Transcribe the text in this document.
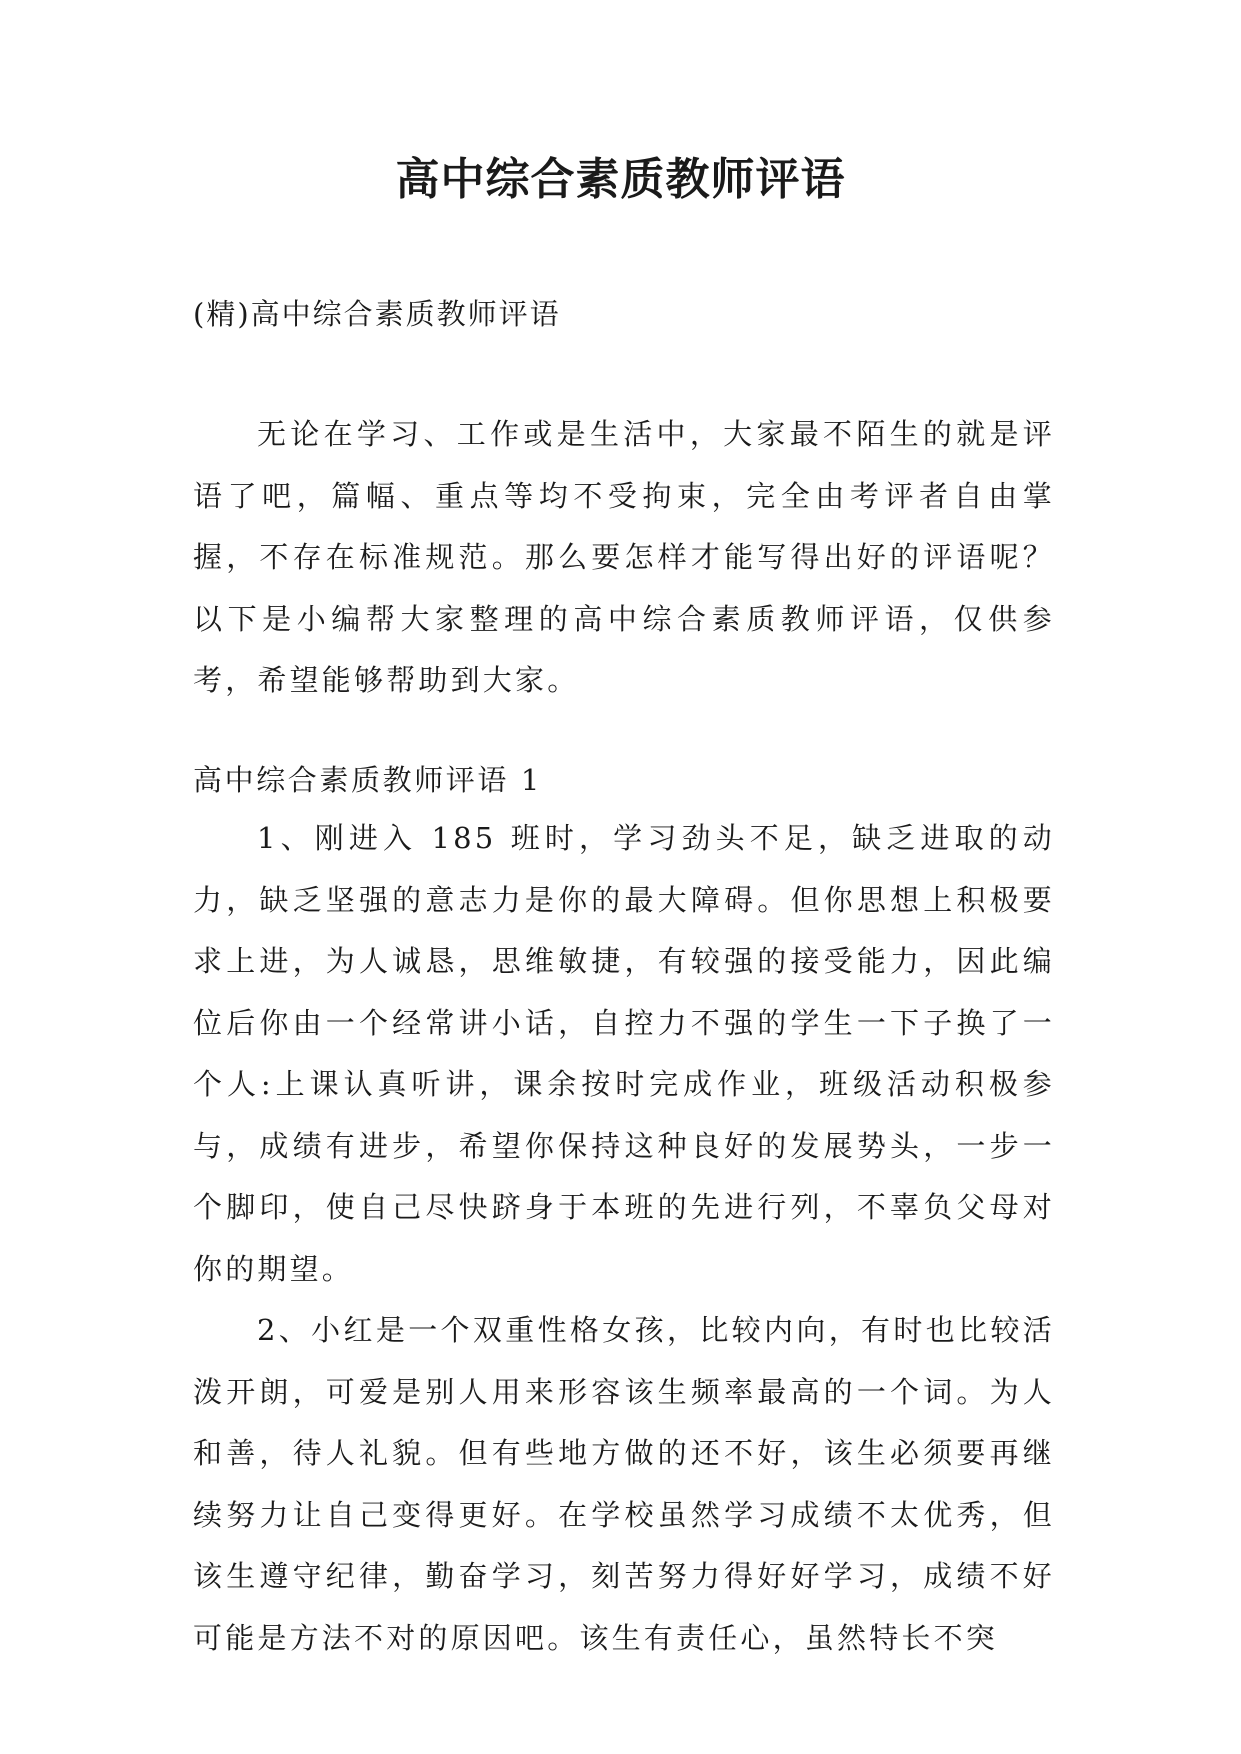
高中综合素质教师评语
(精)高中综合素质教师评语

无论在学习、工作或是生活中，大家最不陌生的就是评语了吧，篇幅、重点等均不受拘束，完全由考评者自由掌握，不存在标准规范。那么要怎样才能写得出好的评语呢？以下是小编帮大家整理的高中综合素质教师评语，仅供参考，希望能够帮助到大家。

高中综合素质教师评语 1

1、刚进入 185 班时，学习劲头不足，缺乏进取的动力，缺乏坚强的意志力是你的最大障碍。但你思想上积极要求上进，为人诚恳，思维敏捷，有较强的接受能力，因此编位后你由一个经常讲小话，自控力不强的学生一下子换了一个人:上课认真听讲，课余按时完成作业，班级活动积极参与，成绩有进步，希望你保持这种良好的发展势头，一步一个脚印，使自己尽快跻身于本班的先进行列，不辜负父母对你的期望。

2、小红是一个双重性格女孩，比较内向，有时也比较活泼开朗，可爱是别人用来形容该生频率最高的一个词。为人和善，待人礼貌。但有些地方做的还不好，该生必须要再继续努力让自己变得更好。在学校虽然学习成绩不太优秀，但该生遵守纪律，勤奋学习，刻苦努力得好好学习，成绩不好可能是方法不对的原因吧。该生有责任心，虽然特长不突
